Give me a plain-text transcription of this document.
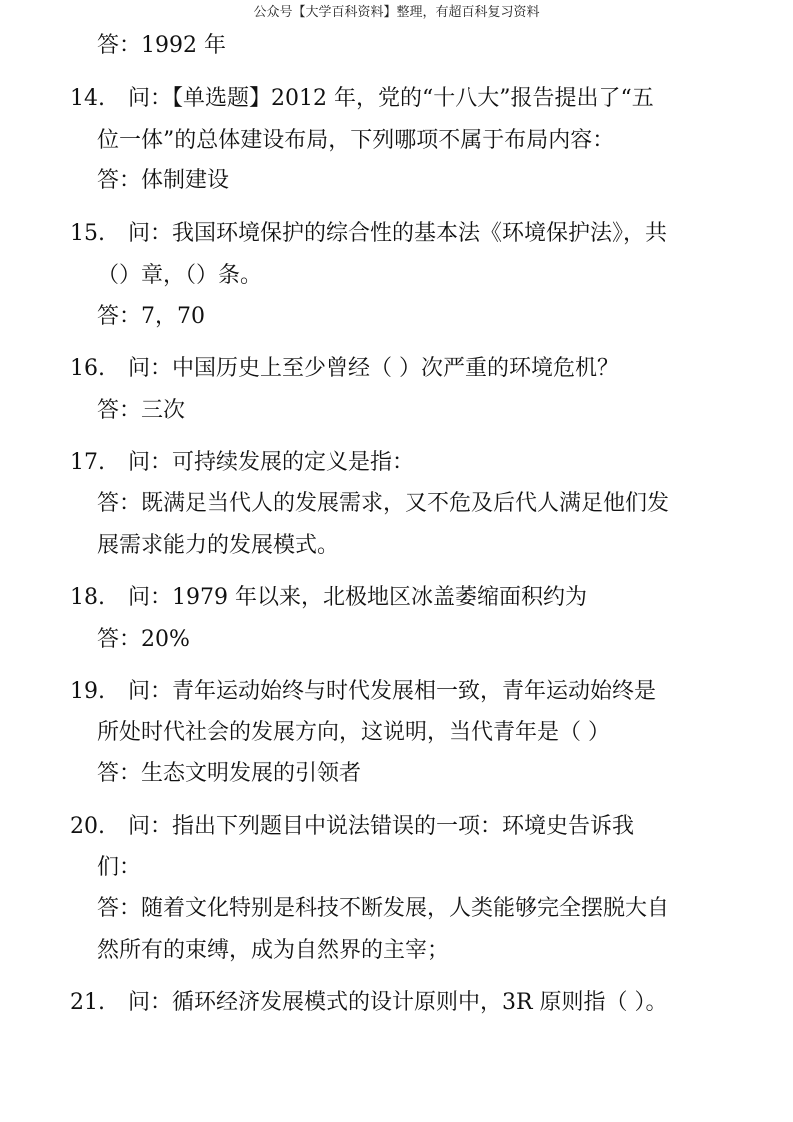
公众号【大学百科资料】整理，有超百科复习资料
答：1992 年
14. 问：【单选题】2012 年，党的“十八大”报告提出了“五
位一体”的总体建设布局，下列哪项不属于布局内容：
答：体制建设
15. 问：我国环境保护的综合性的基本法《环境保护法》，共
（）章，（）条。
答：7，70
16. 问：中国历史上至少曾经（ ）次严重的环境危机？
答：三次
17. 问：可持续发展的定义是指：
答：既满足当代人的发展需求，又不危及后代人满足他们发
展需求能力的发展模式。
18. 问：1979 年以来，北极地区冰盖萎缩面积约为
答：20%
19. 问：青年运动始终与时代发展相一致，青年运动始终是
所处时代社会的发展方向，这说明，当代青年是（ ）
答：生态文明发展的引领者
20. 问：指出下列题目中说法错误的一项：环境史告诉我
们：
答：随着文化特别是科技不断发展，人类能够完全摆脱大自
然所有的束缚，成为自然界的主宰；
21. 问：循环经济发展模式的设计原则中，3R 原则指（ ）。
